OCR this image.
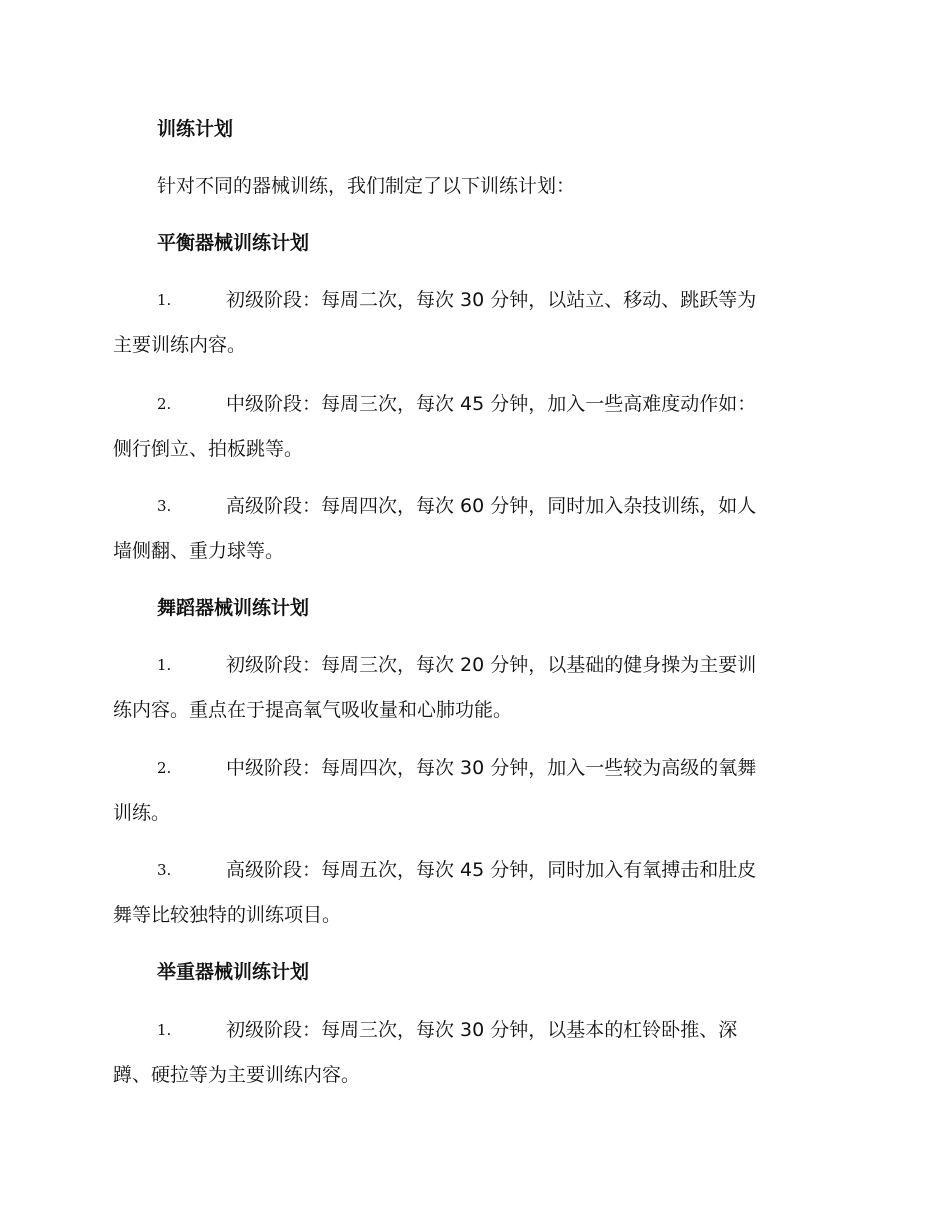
训练计划
针对不同的器械训练，我们制定了以下训练计划：
平衡器械训练计划
1.	初级阶段：每周二次，每次 30 分钟，以站立、移动、跳跃等为
主要训练内容。
2.	中级阶段：每周三次，每次 45 分钟，加入一些高难度动作如：
侧行倒立、拍板跳等。
3.	高级阶段：每周四次，每次 60 分钟，同时加入杂技训练，如人
墙侧翻、重力球等。
舞蹈器械训练计划
1.	初级阶段：每周三次，每次 20 分钟，以基础的健身操为主要训
练内容。重点在于提高氧气吸收量和心肺功能。
2.	中级阶段：每周四次，每次 30 分钟，加入一些较为高级的氧舞
训练。
3.	高级阶段：每周五次，每次 45 分钟，同时加入有氧搏击和肚皮
舞等比较独特的训练项目。
举重器械训练计划
1.	初级阶段：每周三次，每次 30 分钟，以基本的杠铃卧推、深
蹲、硬拉等为主要训练内容。
